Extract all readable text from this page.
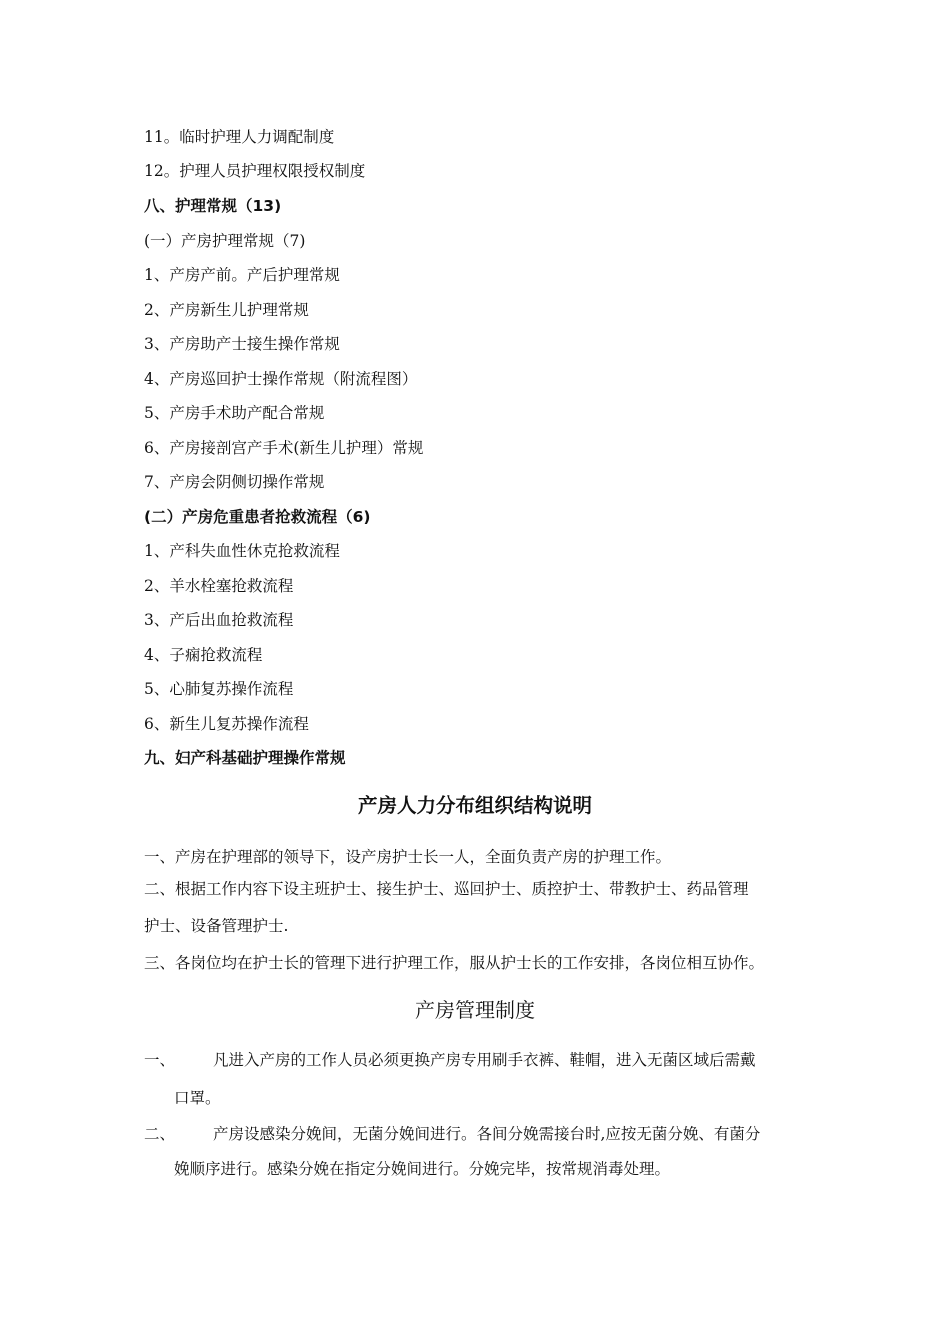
11。临时护理人力调配制度
12。护理人员护理权限授权制度
八、护理常规（13)
(一）产房护理常规（7)
1、产房产前。产后护理常规
2、产房新生儿护理常规
3、产房助产士接生操作常规
4、产房巡回护士操作常规（附流程图）
5、产房手术助产配合常规
6、产房接剖宫产手术(新生儿护理）常规
7、产房会阴侧切操作常规
(二）产房危重患者抢救流程（6)
1、产科失血性休克抢救流程
2、羊水栓塞抢救流程
3、产后出血抢救流程
4、子痫抢救流程
5、心肺复苏操作流程
6、新生儿复苏操作流程
九、妇产科基础护理操作常规
产房人力分布组织结构说明
一、产房在护理部的领导下，设产房护士长一人，全面负责产房的护理工作。
二、根据工作内容下设主班护士、接生护士、巡回护士、质控护士、带教护士、药品管理
护士、设备管理护士.
三、各岗位均在护士长的管理下进行护理工作，服从护士长的工作安排，各岗位相互协作。
产房管理制度
一、 凡进入产房的工作人员必须更换产房专用刷手衣裤、鞋帽，进入无菌区域后需戴
口罩。
二、 产房设感染分娩间，无菌分娩间进行。各间分娩需接台时,应按无菌分娩、有菌分
娩顺序进行。感染分娩在指定分娩间进行。分娩完毕，按常规消毒处理。
